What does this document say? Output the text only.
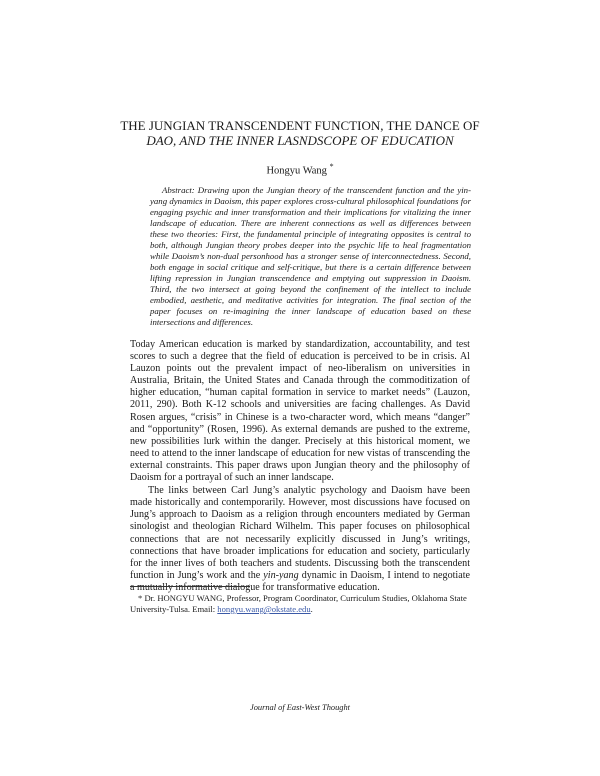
THE JUNGIAN TRANSCENDENT FUNCTION, THE DANCE OF
DAO, AND THE INNER LASNDSCOPE OF EDUCATION
Hongyu Wang *
Abstract: Drawing upon the Jungian theory of the transcendent function and the yin-yang dynamics in Daoism, this paper explores cross-cultural philosophical foundations for engaging psychic and inner transformation and their implications for vitalizing the inner landscape of education. There are inherent connections as well as differences between these two theories: First, the fundamental principle of integrating opposites is central to both, although Jungian theory probes deeper into the psychic life to heal fragmentation while Daoism’s non-dual personhood has a stronger sense of interconnectedness. Second, both engage in social critique and self-critique, but there is a certain difference between lifting repression in Jungian transcendence and emptying out suppression in Daoism. Third, the two intersect at going beyond the confinement of the intellect to include embodied, aesthetic, and meditative activities for integration. The final section of the paper focuses on re-imagining the inner landscape of education based on these intersections and differences.

Today American education is marked by standardization, accountability, and test scores to such a degree that the field of education is perceived to be in crisis. Al Lauzon points out the prevalent impact of neo-liberalism on universities in Australia, Britain, the United States and Canada through the commoditization of higher education, “human capital formation in service to market needs” (Lauzon, 2011, 290). Both K-12 schools and universities are facing challenges. As David Rosen argues, “crisis” in Chinese is a two-character word, which means “danger” and “opportunity” (Rosen, 1996). As external demands are pushed to the extreme, new possibilities lurk within the danger. Precisely at this historical moment, we need to attend to the inner landscape of education for new vistas of transcending the external constraints. This paper draws upon Jungian theory and the philosophy of Daoism for a portrayal of such an inner landscape.

The links between Carl Jung’s analytic psychology and Daoism have been made historically and contemporarily. However, most discussions have focused on Jung’s approach to Daoism as a religion through encounters mediated by German sinologist and theologian Richard Wilhelm. This paper focuses on philosophical connections that are not necessarily explicitly discussed in Jung’s writings, connections that have broader implications for education and society, particularly for the inner lives of both teachers and students. Discussing both the transcendent function in Jung’s work and the yin-yang dynamic in Daoism, I intend to negotiate a mutually informative dialogue for transformative education.

* Dr. HONGYU WANG, Professor, Program Coordinator, Curriculum Studies, Oklahoma State University-Tulsa. Email: hongyu.wang@okstate.edu.
Journal of East-West Thought
